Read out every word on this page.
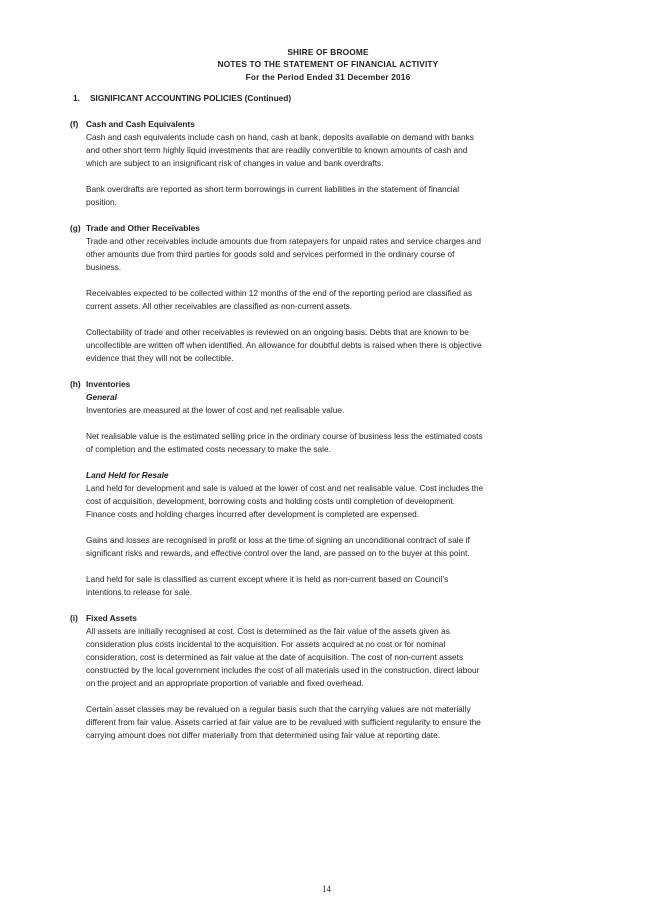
SHIRE OF BROOME
NOTES TO THE STATEMENT OF FINANCIAL ACTIVITY
For the Period Ended 31 December 2016
1. SIGNIFICANT ACCOUNTING POLICIES (Continued)
(f) Cash and Cash Equivalents

Cash and cash equivalents include cash on hand, cash at bank, deposits available on demand with banks and other short term highly liquid investments that are readily convertible to known amounts of cash and which are subject to an insignificant risk of changes in value and bank overdrafts.

Bank overdrafts are reported as short term borrowings in current liabilities in the statement of financial position.

(g) Trade and Other Receivables

Trade and other receivables include amounts due from ratepayers for unpaid rates and service charges and other amounts due from third parties for goods sold and services performed in the ordinary course of business.

Receivables expected to be collected within 12 months of the end of the reporting period are classified as current assets. All other receivables are classified as non-current assets.

Collectability of trade and other receivables is reviewed on an ongoing basis. Debts that are known to be uncollectible are written off when identified. An allowance for doubtful debts is raised when there is objective evidence that they will not be collectible.

(h) Inventories

General

Inventories are measured at the lower of cost and net realisable value.

Net realisable value is the estimated selling price in the ordinary course of business less the estimated costs of completion and the estimated costs necessary to make the sale.

Land Held for Resale

Land held for development and sale is valued at the lower of cost and net realisable value. Cost includes the cost of acquisition, development, borrowing costs and holding costs until completion of development. Finance costs and holding charges incurred after development is completed are expensed.

Gains and losses are recognised in profit or loss at the time of signing an unconditional contract of sale if significant risks and rewards, and effective control over the land, are passed on to the buyer at this point.

Land held for sale is classified as current except where it is held as non-current based on Council's intentions to release for sale.

(i) Fixed Assets

All assets are initially recognised at cost. Cost is determined as the fair value of the assets given as consideration plus costs incidental to the acquisition. For assets acquired at no cost or for nominal consideration, cost is determined as fair value at the date of acquisition. The cost of non-current assets constructed by the local government includes the cost of all materials used in the construction, direct labour on the project and an appropriate proportion of variable and fixed overhead.

Certain asset classes may be revalued on a regular basis such that the carrying values are not materially different from fair value. Assets carried at fair value are to be revalued with sufficient regularity to ensure the carrying amount does not differ materially from that determined using fair value at reporting date.

14
